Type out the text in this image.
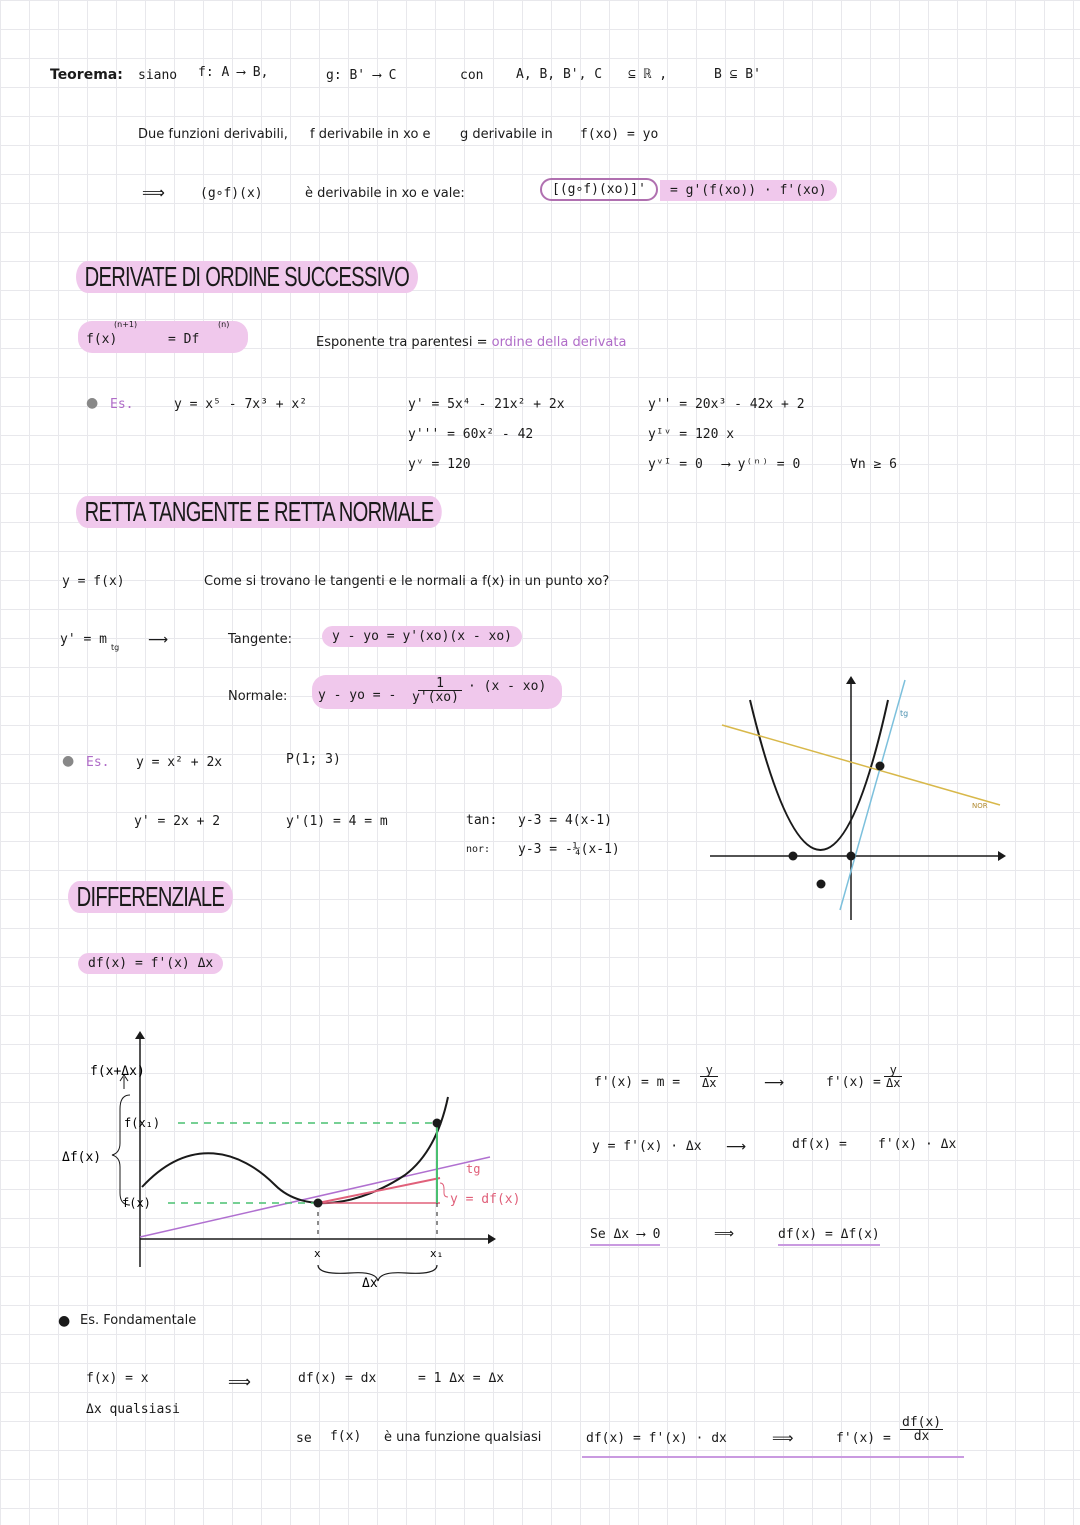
Teorema: siano f: A ⟶ B,	g: B' ⟶ C	con	A, B, B', C ⊆ ℝ ,	B ⊆ B'
Due funzioni derivabili, f derivabile in xo e g derivabile in f(xo) = yo
⟹	(g∘f)(x)	è derivabile in xo e vale:	[(g∘f)(xo)]'	= g'(f(xo)) · f'(xo)
DERIVATE DI ORDINE SUCCESSIVO
f(x)
(n+1)
= Df
(n)
Esponente tra parentesi = ordine della derivata
● Es.	y = x⁵ - 7x³ + x²	y' = 5x⁴ - 21x² + 2x
y''' = 60x² - 42
yᵛ = 120
y'' = 20x³ - 42x + 2
yᴵᵛ = 120 x
yᵛᴵ = 0 ⟶ y⁽ⁿ⁾ = 0	∀n ≥ 6
RETTA TANGENTE E RETTA NORMALE
y = f(x)	Come si trovano le tangenti e le normali a f(x) in un punto xo?
y' = m
tg ⟶	Tangente:	y - yo = y'(xo)(x - xo)
Normale: y - yo = -
1
y'(xo)
· (x - xo)
● Es. y = x² + 2x	P(1; 3)
y' = 2x + 2	y'(1) = 4 = m	tan: y-3 = 4(x-1)
nor: y-3 = -¼(x-1)
tg
NOR
DIFFERENZIALE
df(x) = f'(x) Δx
f(x+Δx)
f(x₁)
f(x)
Δf(x)
tg
y = df(x)
x	x₁
Δx
$f'(x) = m = \frac{y}{\Delta x}$	⟶	$f'(x) = \frac{y}{\Delta x}$
y = f'(x) · Δx ⟶	df(x) = f'(x) · Δx
Se Δx ⟶ 0	⟹	df(x) = Δf(x)
● Es. Fondamentale
f(x) = x
Δx qualsiasi
⟹	df(x) = dx	= 1 Δx = Δx
se f(x) è una funzione qualsiasi	df(x) = f'(x) · dx	⟹	$f'(x) = \frac{df(x)}{dx}$
